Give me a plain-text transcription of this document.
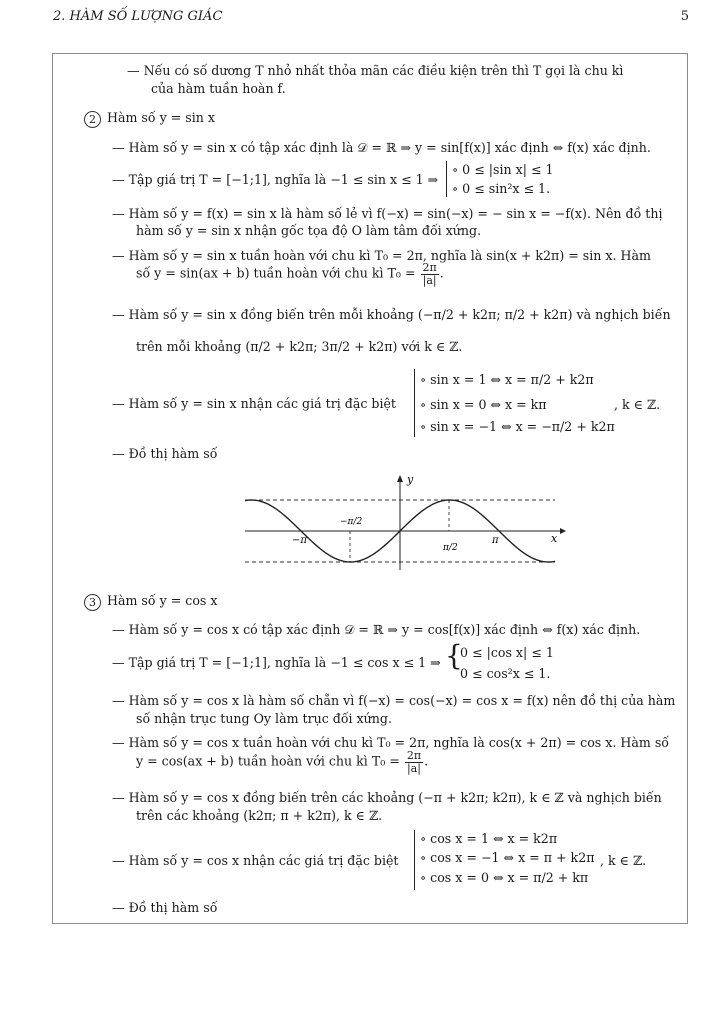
2. HÀM SỐ LƯỢNG GIÁC	5
— Nếu có số dương T nhỏ nhất thỏa mãn các điều kiện trên thì T gọi là chu kì
của hàm tuần hoàn f.
2 Hàm số y = sin x
— Hàm số y = sin x có tập xác định là 𝒟 = ℝ ⇒ y = sin[f(x)] xác định ⇔ f(x) xác định.
— Tập giá trị T = [−1;1], nghĩa là −1 ≤ sin x ≤ 1 ⇒
∘ 0 ≤ |sin x| ≤ 1
∘ 0 ≤ sin²x ≤ 1.
— Hàm số y = f(x) = sin x là hàm số lẻ vì f(−x) = sin(−x) = − sin x = −f(x). Nên đồ thị
hàm số y = sin x nhận gốc tọa độ O làm tâm đối xứng.
— Hàm số y = sin x tuần hoàn với chu kì T₀ = 2π, nghĩa là sin(x + k2π) = sin x. Hàm
số y = sin(ax + b) tuần hoàn với chu kì $T_0 = \frac{2\pi}{|a|}$ .
— Hàm số y = sin x đồng biến trên mỗi khoảng (−π/2 + k2π; π/2 + k2π) và nghịch biến
trên mỗi khoảng (π/2 + k2π; 3π/2 + k2π) với k ∈ ℤ.
— Hàm số y = sin x nhận các giá trị đặc biệt
∘ sin x = 1 ⇔ x = π/2 + k2π
∘ sin x = 0 ⇔ x = kπ
∘ sin x = −1 ⇔ x = −π/2 + k2π
, k ∈ ℤ.
— Đồ thị hàm số
y
x
−π	π
−π/2
π/2
3 Hàm số y = cos x
— Hàm số y = cos x có tập xác định 𝒟 = ℝ ⇒ y = cos[f(x)] xác định ⇔ f(x) xác định.
— Tập giá trị T = [−1;1], nghĩa là −1 ≤ cos x ≤ 1 ⇒ {
0 ≤ |cos x| ≤ 1
0 ≤ cos²x ≤ 1.
— Hàm số y = cos x là hàm số chẵn vì f(−x) = cos(−x) = cos x = f(x) nên đồ thị của hàm
số nhận trục tung Oy làm trục đối xứng.
— Hàm số y = cos x tuần hoàn với chu kì T₀ = 2π, nghĩa là cos(x + 2π) = cos x. Hàm số
y = cos(ax + b) tuần hoàn với chu kì $T_0 = \frac{2\pi}{|a|}$ .
— Hàm số y = cos x đồng biến trên các khoảng (−π + k2π; k2π), k ∈ ℤ và nghịch biến
trên các khoảng (k2π; π + k2π), k ∈ ℤ.
— Hàm số y = cos x nhận các giá trị đặc biệt
∘ cos x = 1 ⇔ x = k2π
∘ cos x = −1 ⇔ x = π + k2π
∘ cos x = 0 ⇔ x = π/2 + kπ
, k ∈ ℤ.
— Đồ thị hàm số
